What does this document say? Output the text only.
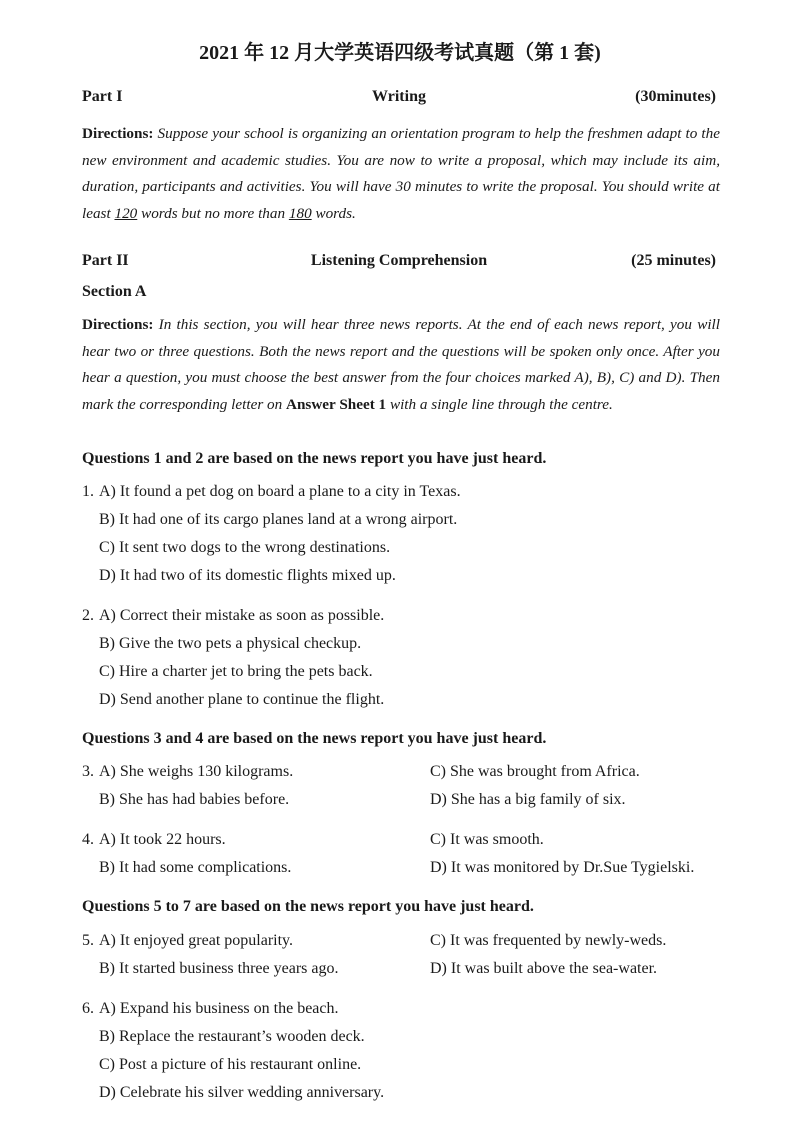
2021 年 12 月大学英语四级考试真题（第 1 套)
Part I	Writing	(30minutes)
Directions: Suppose your school is organizing an orientation program to help the freshmen adapt to the new environment and academic studies. You are now to write a proposal, which may include its aim, duration, participants and activities. You will have 30 minutes to write the proposal. You should write at least 120 words but no more than 180 words.
Part II	Listening Comprehension	(25 minutes)
Section A
Directions: In this section, you will hear three news reports. At the end of each news report, you will hear two or three questions. Both the news report and the questions will be spoken only once. After you hear a question, you must choose the best answer from the four choices marked A), B), C) and D). Then mark the corresponding letter on Answer Sheet 1 with a single line through the centre.
Questions 1 and 2 are based on the news report you have just heard.
1. A) It found a pet dog on board a plane to a city in Texas.
B) It had one of its cargo planes land at a wrong airport.
C) It sent two dogs to the wrong destinations.
D) It had two of its domestic flights mixed up.
2. A) Correct their mistake as soon as possible.
B) Give the two pets a physical checkup.
C) Hire a charter jet to bring the pets back.
D) Send another plane to continue the flight.
Questions 3 and 4 are based on the news report you have just heard.
3. A) She weighs 130 kilograms.
B) She has had babies before.
C) She was brought from Africa.
D) She has a big family of six.
4. A) It took 22 hours.
B) It had some complications.
C) It was smooth.
D) It was monitored by Dr.Sue Tygielski.
Questions 5 to 7 are based on the news report you have just heard.
5. A) It enjoyed great popularity.
B) It started business three years ago.
C) It was frequented by newly-weds.
D) It was built above the sea-water.
6. A) Expand his business on the beach.
B) Replace the restaurant’s wooden deck.
C) Post a picture of his restaurant online.
D) Celebrate his silver wedding anniversary.
